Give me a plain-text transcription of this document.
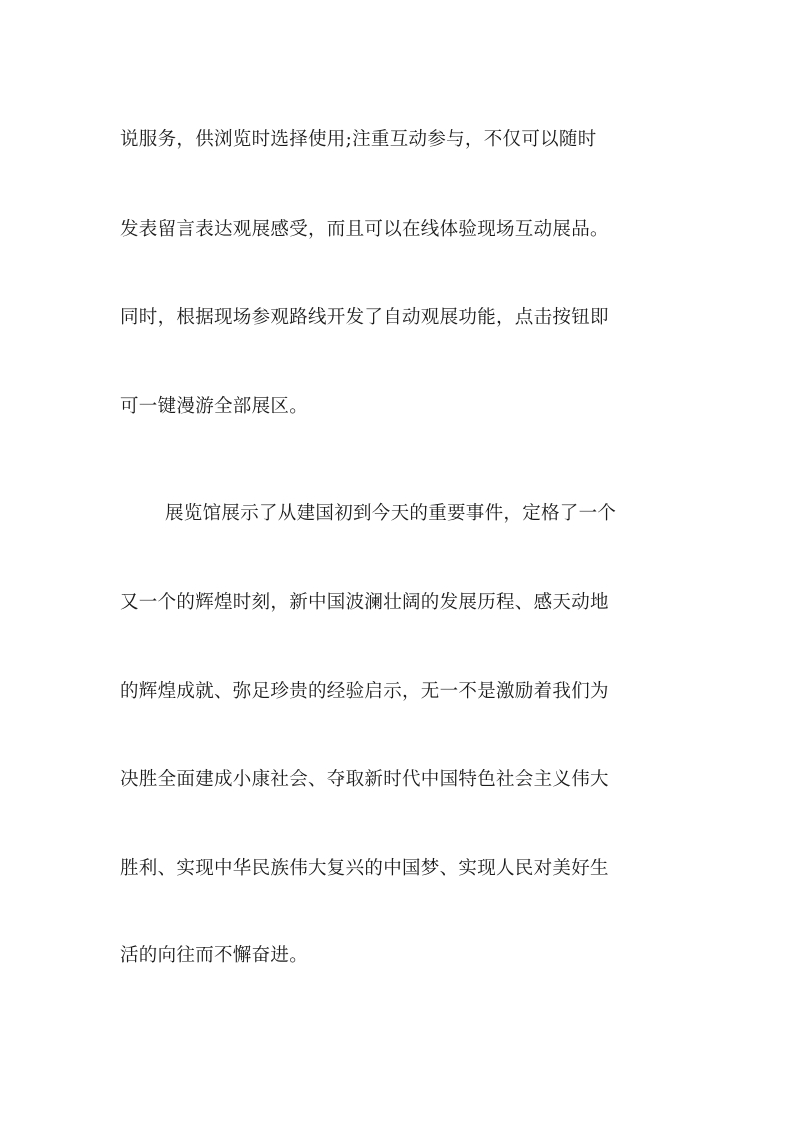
说服务，供浏览时选择使用;注重互动参与，不仅可以随时
发表留言表达观展感受，而且可以在线体验现场互动展品。
同时，根据现场参观路线开发了自动观展功能，点击按钮即
可一键漫游全部展区。
展览馆展示了从建国初到今天的重要事件，定格了一个
又一个的辉煌时刻，新中国波澜壮阔的发展历程、感天动地
的辉煌成就、弥足珍贵的经验启示，无一不是激励着我们为
决胜全面建成小康社会、夺取新时代中国特色社会主义伟大
胜利、实现中华民族伟大复兴的中国梦、实现人民对美好生
活的向往而不懈奋进。
